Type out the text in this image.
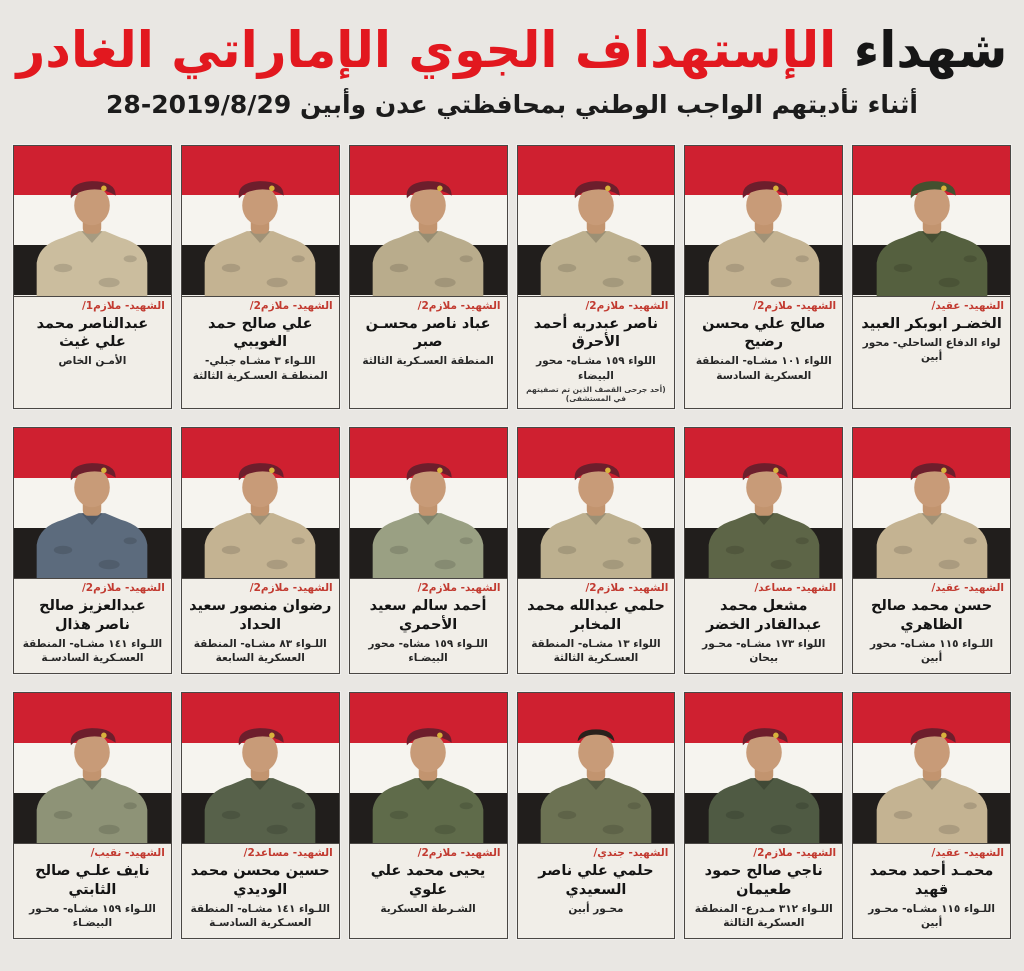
شهداء الإستهداف الجوي الإماراتي الغادر
أثناء تأديتهم الواجب الوطني بمحافظتي عدن وأبين 2019/8/29-28
الشهيد- عقيد/
الخضـر ابوبكر العبيد
لواء الدفاع الساحلي- محور أبين
الشهيد- ملازم2/
صالح علي محسن رضيح
اللواء ١٠١ مشـاه- المنطقة العسكرية السادسة
الشهيد- ملازم2/
ناصر عبدربه أحمد الأحرق
اللواء ١٥٩ مشـاه- محور البيضاء
(أحد جرحى القصف الذين تم تصفيتهم في المستشفى)
الشهيد- ملازم2/
عباد ناصر محسـن صبر
المنطقة العسـكرية الثالثة
الشهيد- ملازم2/
علي صالح حمد الغويبي
اللـواء ٣ مشـاه جبلي- المنطقـة العسـكرية الثالثة
الشهيد- ملازم1/
عبدالناصر محمد علي غيث
الأمـن الخاص
الشهيد- عقيد/
حسن محمد صالح الظاهري
اللـواء ١١٥ مشـاه- محور أبين
الشهيد- مساعد/
مشعل محمد عبدالقادر الخضر
اللواء ١٧٣ مشـاه- محـور بيحان
الشهيد- ملازم2/
حلمي عبدالله محمد المخابر
اللواء ١٣ مشـاه- المنطقة العسـكرية الثالثة
الشهيد- ملازم2/
أحمد سالم سعيد الأحمري
اللـواء ١٥٩ مشاه- محور البيضـاء
الشهيد- ملازم2/
رضوان منصور سعيد الحداد
اللـواء ٨٣ مشـاه- المنطقة العسكرية السابعة
الشهيد- ملازم2/
عبدالعزيز صالح ناصر هذال
اللـواء ١٤١ مشـاه- المنطقة العسـكرية السادسـة
الشهيد- عقيد/
محمـد أحمد محمد قهيد
اللـواء ١١٥ مشـاه- محـور أبين
الشهيد- ملازم2/
ناجي صالح حمود طعيمان
اللـواء ٣١٢ مـدرع- المنطقة العسكرية الثالثة
الشهيد- جندي/
حلمي علي ناصر السعيدي
محـور أبين
الشهيد- ملازم2/
يحيى محمد علي علوي
الشـرطة العسكرية
الشهيد- مساعد2/
حسين محسن محمد الوديدي
اللـواء ١٤١ مشـاه- المنطقة العسـكرية السادسـة
الشهيد- نقيب/
نايف علـي صالح الثابتي
اللـواء ١٥٩ مشـاه- محـور البيضـاء
